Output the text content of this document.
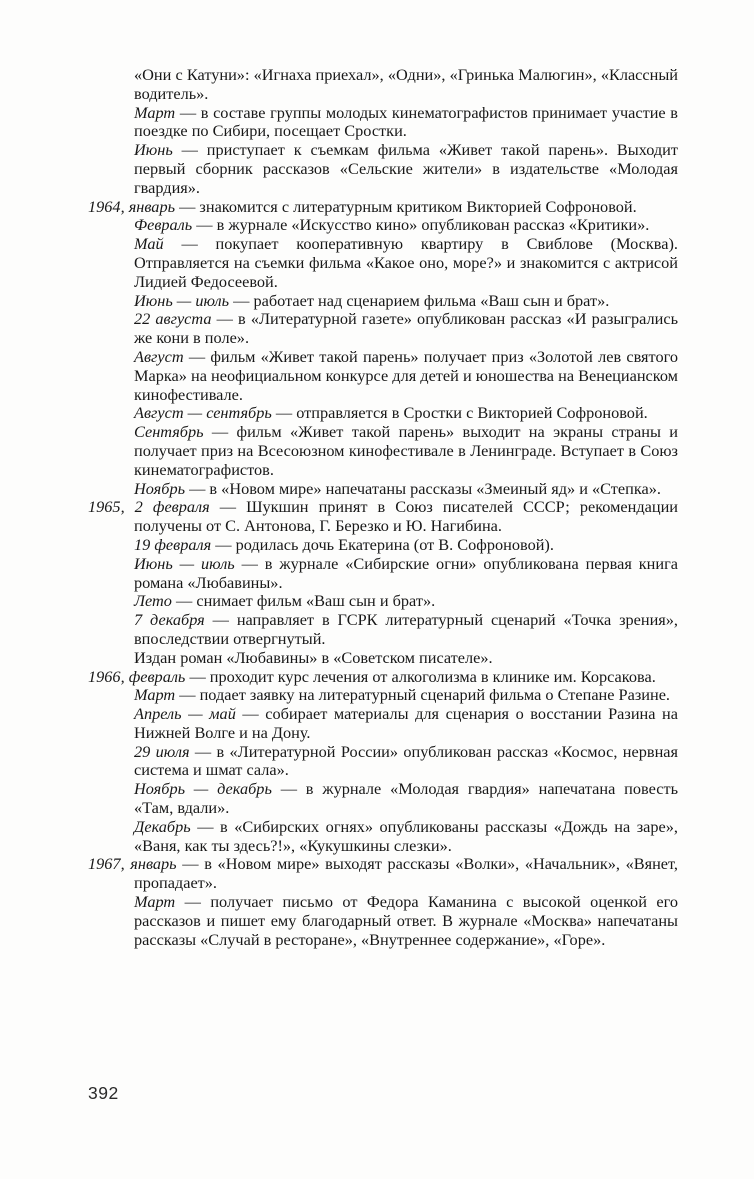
«Они с Катуни»: «Игнаха приехал», «Одни», «Гринька Малюгин», «Классный водитель».

Март — в составе группы молодых кинематографистов принимает участие в поездке по Сибири, посещает Сростки.

Июнь — приступает к съемкам фильма «Живет такой парень». Выходит первый сборник рассказов «Сельские жители» в издательстве «Молодая гвардия».

1964, январь — знакомится с литературным критиком Викторией Софроновой.

Февраль — в журнале «Искусство кино» опубликован рассказ «Критики».

Май — покупает кооперативную квартиру в Свиблове (Москва). Отправляется на съемки фильма «Какое оно, море?» и знакомится с актрисой Лидией Федосеевой.

Июнь — июль — работает над сценарием фильма «Ваш сын и брат».

22 августа — в «Литературной газете» опубликован рассказ «И разыгрались же кони в поле».

Август — фильм «Живет такой парень» получает приз «Золотой лев святого Марка» на неофициальном конкурсе для детей и юношества на Венецианском кинофестивале.

Август — сентябрь — отправляется в Сростки с Викторией Софроновой.

Сентябрь — фильм «Живет такой парень» выходит на экраны страны и получает приз на Всесоюзном кинофестивале в Ленинграде. Вступает в Союз кинематографистов.

Ноябрь — в «Новом мире» напечатаны рассказы «Змеиный яд» и «Степка».

1965, 2 февраля — Шукшин принят в Союз писателей СССР; рекомендации получены от С. Антонова, Г. Березко и Ю. Нагибина.

19 февраля — родилась дочь Екатерина (от В. Софроновой).

Июнь — июль — в журнале «Сибирские огни» опубликована первая книга романа «Любавины».

Лето — снимает фильм «Ваш сын и брат».

7 декабря — направляет в ГСРК литературный сценарий «Точка зрения», впоследствии отвергнутый.

Издан роман «Любавины» в «Советском писателе».

1966, февраль — проходит курс лечения от алкоголизма в клинике им. Корсакова.

Март — подает заявку на литературный сценарий фильма о Степане Разине.

Апрель — май — собирает материалы для сценария о восстании Разина на Нижней Волге и на Дону.

29 июля — в «Литературной России» опубликован рассказ «Космос, нервная система и шмат сала».

Ноябрь — декабрь — в журнале «Молодая гвардия» напечатана повесть «Там, вдали».

Декабрь — в «Сибирских огнях» опубликованы рассказы «Дождь на заре», «Ваня, как ты здесь?!», «Кукушкины слезки».

1967, январь — в «Новом мире» выходят рассказы «Волки», «Начальник», «Вянет, пропадает».

Март — получает письмо от Федора Каманина с высокой оценкой его рассказов и пишет ему благодарный ответ. В журнале «Москва» напечатаны рассказы «Случай в ресторане», «Внутреннее содержание», «Горе».

392
